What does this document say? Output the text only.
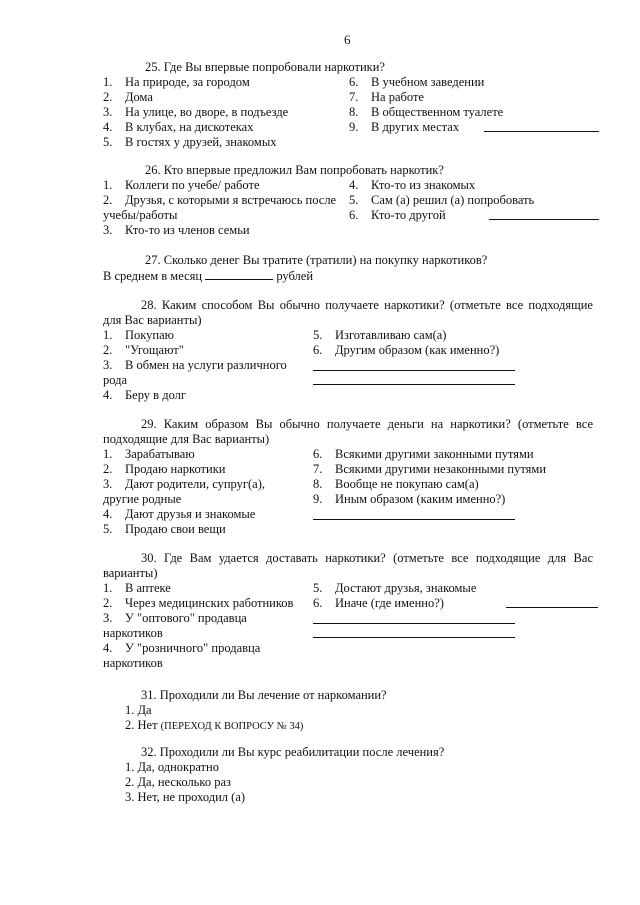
6

25. Где Вы впервые попробовали наркотики?

1.	На природе, за городом
2.	Дома
3.	На улице, во дворе, в подъезде
4.	В клубах, на дискотеках
5.	В гостях у друзей, знакомых
6.	В учебном заведении
7.	На работе
8.	В общественном туалете
9.	В других местах

26. Кто впервые предложил Вам попробовать наркотик?

1.	Коллеги по учебе/ работе
2. Друзья, с которыми я встречаюсь после учебы/работы
3.	Кто-то из членов семьи
4.	Кто-то из знакомых
5.	Сам (а) решил (а) попробовать
6.	Кто-то другой

27. Сколько денег Вы тратите (тратили) на покупку наркотиков?

В среднем в месяц	рублей

28. Каким способом Вы обычно получаете наркотики? (отметьте все подходящие для Вас варианты)

1.	Покупаю
2.	"Угощают"
3. В обмен на услуги различного рода
4.	Беру в долг
5.	Изготавливаю сам(а)
6.	Другим образом (как именно?)

29. Каким образом Вы обычно получаете деньги на наркотики? (отметьте все подходящие для Вас варианты)

1.	Зарабатываю
2.	Продаю наркотики
3. Дают родители, супруг(а), другие родные
4.	Дают друзья и знакомые
5.	Продаю свои вещи
6.	Всякими другими законными путями
7.	Всякими другими незаконными путями
8.	Вообще не покупаю сам(а)
9.	Иным образом (каким именно?)

30. Где Вам удается доставать наркотики? (отметьте все подходящие для Вас варианты)

1.	В аптеке
2.	Через медицинских работников
3. У "оптового" продавца наркотиков
4. У "розничного" продавца наркотиков
5.	Достают друзья, знакомые
6.	Иначе (где именно?)

31. Проходили ли Вы лечение от наркомании?

1. Да

2. Нет (ПЕРЕХОД К ВОПРОСУ № 34)

32. Проходили ли Вы курс реабилитации после лечения?

1. Да, однократно

2. Да, несколько раз

3. Нет, не проходил (а)
